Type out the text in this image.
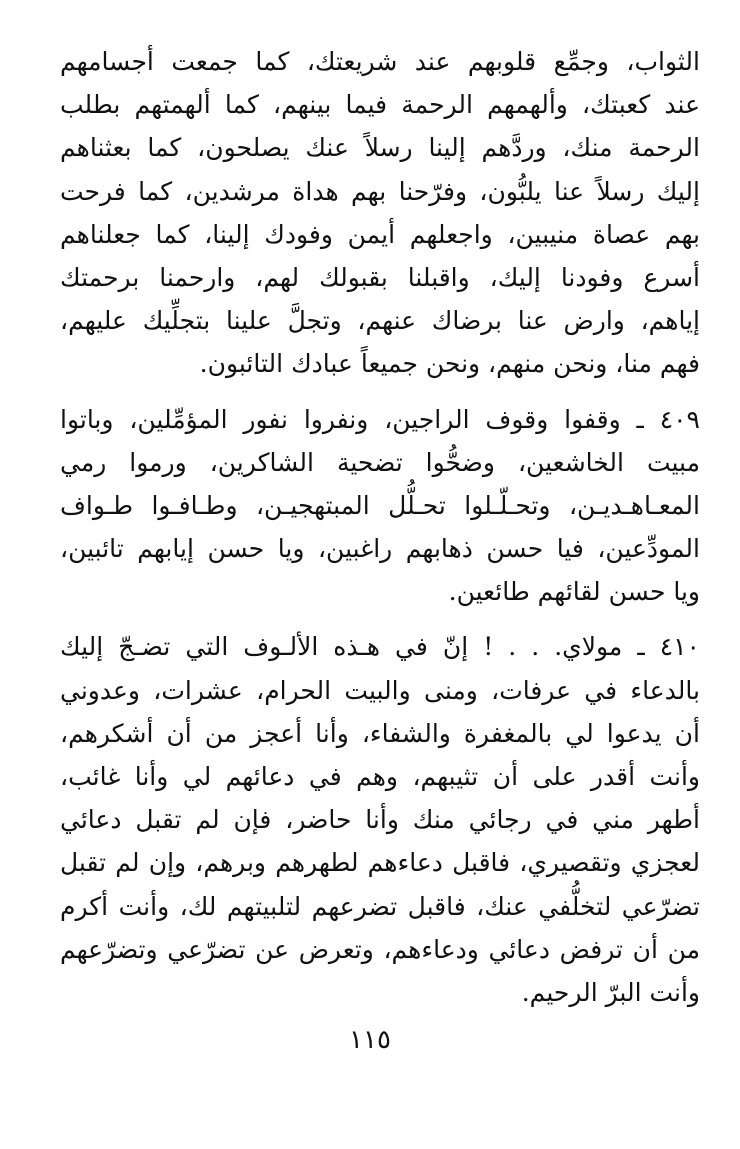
الثواب، وجمِّع قلوبهم عند شريعتك، كما جمعت أجسامهم
عند كعبتك، وألهمهم الرحمة فيما بينهم، كما ألهمتهم بطلب
الرحمة منك، وردَّهم إلينا رسلاً عنك يصلحون، كما بعثناهم
إليك رسلاً عنا يلبُّون، وفرّحنا بهم هداة مرشدين، كما فرحت
بهم عصاة منيبين، واجعلهم أيمن وفودك إلينا، كما جعلناهم
أسرع وفودنا إليك، واقبلنا بقبولك لهم، وارحمنا برحمتك
إياهم، وارض عنا برضاك عنهم، وتجلَّ علينا بتجلِّيك عليهم،
فهم منا، ونحن منهم، ونحن جميعاً عبادك التائبون.
٤٠٩ ـ وقفوا وقوف الراجين، ونفروا نفور المؤمِّلين، وباتوا
مبيت الخاشعين، وضحُّوا تضحية الشاكرين، ورموا رمي
المعـاهـديـن، وتحـلّـلوا تحـلُّل المبتهجيـن، وطـافـوا طـواف
المودِّعين، فيا حسن ذهابهم راغبين، ويا حسن إيابهم تائبين،
ويا حسن لقائهم طائعين.
٤١٠ ـ مولاي. . . ! إنّ في هـذه الألـوف التي تضـجّ إليك
بالدعاء في عرفات، ومنى والبيت الحرام، عشرات، وعدوني
أن يدعوا لي بالمغفرة والشفاء، وأنا أعجز من أن أشكرهم،
وأنت أقدر على أن تثيبهم، وهم في دعائهم لي وأنا غائب،
أطهر مني في رجائي منك وأنا حاضر، فإن لم تقبل دعائي
لعجزي وتقصيري، فاقبل دعاءهم لطهرهم وبرهم، وإن لم تقبل
تضرّعي لتخلُّفي عنك، فاقبل تضرعهم لتلبيتهم لك، وأنت أكرم
من أن ترفض دعائي ودعاءهم، وتعرض عن تضرّعي وتضرّعهم
وأنت البرّ الرحيم.
١١٥
